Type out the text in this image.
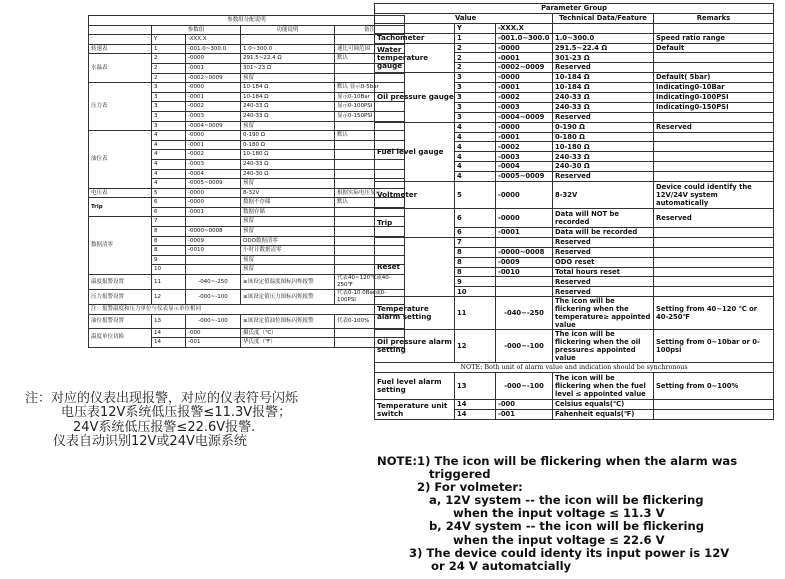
参数组分配说明				
	参数组		功能说明	备注
	Y	-XXX.X		
转速表	1	-001.0~300.0	1.0~300.0	速比可调范围
水温表	2	-0000	291.5~22.4 Ω	默认
	2	-0001	301~23 Ω	
	2	-0002~0009	预留	
压力表	3	-0000	10-184 Ω	默认 显示0-5bar
	3	-0001	10-184 Ω	显示0-10Bar
	3	-0002	240-33 Ω	显示0-100PSI
	3	-0003	240-33 Ω	显示0-150PSI
	3	-0004~0009	预留	
油位表	4	-0000	0-190 Ω	默认
	4	-0001	0-180 Ω	
	4	-0002	10-180 Ω	
	4	-0003	240-33 Ω	
	4	-0004	240-30 Ω	
	4	-0005~0009	预留	
电压表	5	-0000	8-32V	根据实际电压显示
Trip	6	-0000	数据不存储	默认
	6	-0001	数据存储	
数据清零	7		预留	
	8	-0000~0008	预留	
	8	-0009	ODO数据清零	
	8	-0010	小时计数据清零	
	9		预留	
	10		预留	
温度报警设置	11	-040~-250	≥该设定值温度图标闪烁报警	代表40~120℃或40-250℉
压力报警设置	12	-000~-100	≤该设定值压力图标闪烁报警	代表0-10.0Bar或0-100PSI
注：报警温度和压力单位与仪表显示单位相同				
油位报警设置	13	-000~-100	≤该设定值油位图标闪烁报警	代表0-100%
温度单位切换	14	-000	摄氏度（℃）	
	14	-001	华氏度（℉）	
注：对应的仪表出现报警，对应的仪表符号闪烁
电压表12V系统低压报警≤11.3V报警；
24V系统低压报警≤22.6V报警.
仪表自动识别12V或24V电源系统
Parameter Group				
Value			Technical Data/Feature	Remarks
	Y	-XXX.X		
Tachometer	1	-001.0~300.0	1.0~300.0	Speed ratio range
Water temperature gauge	2	-0000	291.5~22.4 Ω	Default
	2	-0001	301-23 Ω	
	2	-0002~0009	Reserved	
Oil pressure gauge	3	-0000	10-184 Ω	Default( 5bar)
	3	-0001	10-184 Ω	Indicating0-10Bar
	3	-0002	240-33 Ω	Indicating0-100PSI
	3	-0003	240-33 Ω	Indicating0-150PSI
	3	-0004~0009	Reserved	
Fuel level gauge	4	-0000	0-190 Ω	Reserved
	4	-0001	0-180 Ω	
	4	-0002	10-180 Ω	
	4	-0003	240-33 Ω	
	4	-0004	240-30 Ω	
	4	-0005~0009	Reserved	
Voltmeter	5	-0000	8-32V	Device could identify the 12V/24V system automatically
Trip	6	-0000	Data will NOT be recorded	Reserved
	6	-0001	Data will be recorded	
Reset	7		Reserved	
	8	-0000~0008	Reserved	
	8	-0009	ODO reset	
	8	-0010	Total hours reset	
	9		Reserved	
	10		Reserved	
Temperature alarm setting	11	-040~-250	The icon will be flickering when the temperature≥ appointed value	Setting from 40~120 ℃ or 40-250℉
Oil pressure alarm setting	12	-000~-100	The icon will be flickering when the oil pressure≤ appointed value	Setting from 0~10bar or 0-100psi
NOTE: Both unit of alarm value and indication should be synchronous				
Fuel level alarm setting	13	-000~-100	The icon will be flickering when the fuel level ≤ appointed value	Setting from 0~100%
Temperature unit switch	14	-000	Celsius equals(℃)	
	14	-001	Fahenheit equals(℉)	
NOTE:1) The icon will be flickering when the alarm was
triggered
2) For volmeter:
a, 12V system -- the icon will be flickering
when the input voltage ≤ 11.3 V
b, 24V system -- the icon will be flickering
when the input voltage ≤ 22.6 V
3) The device could identy its input power is 12V
or 24 V automatcially
